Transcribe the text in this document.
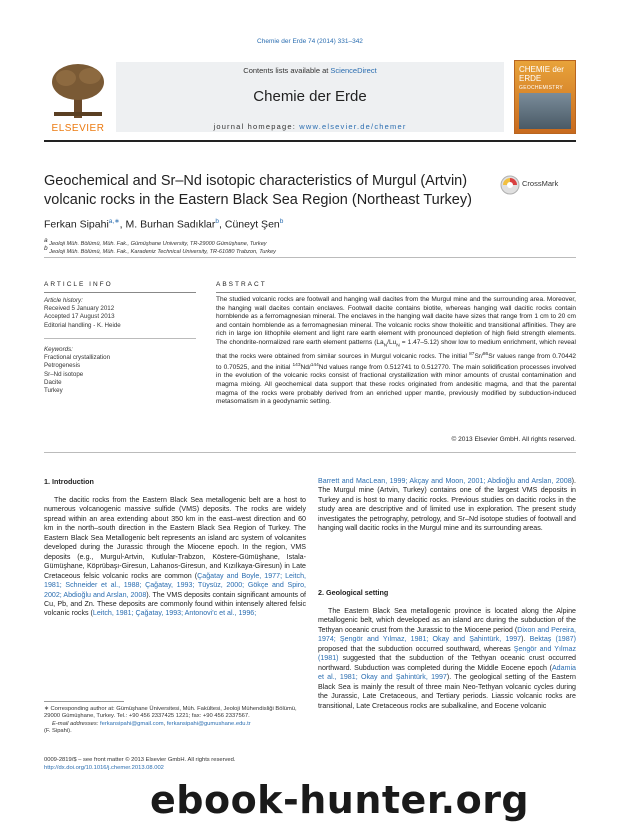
Chemie der Erde 74 (2014) 331–342
ELSEVIER
Contents lists available at ScienceDirect
Chemie der Erde
journal homepage: www.elsevier.de/chemer
CHEMIE der ERDE
GEOCHEMISTRY
Geochemical and Sr–Nd isotopic characteristics of Murgul (Artvin) volcanic rocks in the Eastern Black Sea Region (Northeast Turkey)
CrossMark
Ferkan Sipahi$^{a,∗}$, M. Burhan Sadıklar$^b$, Cüneyt Şen$^b$
a Jeoloji Müh. Bölümü, Müh. Fak., Gümüşhane University, TR-29000 Gümüşhane, Turkey
b Jeoloji Müh. Bölümü, Müh. Fak., Karadeniz Technical University, TR-61080 Trabzon, Turkey
ARTICLE INFO
Article history:
Received 5 January 2012
Accepted 17 August 2013
Editorial handling - K. Heide
Keywords:
Fractional crystallization
Petrogenesis
Sr–Nd isotope
Dacite
Turkey
ABSTRACT
The studied volcanic rocks are footwall and hanging wall dacites from the Murgul mine and the surrounding area. Moreover, the hanging wall dacites contain enclaves. Footwall dacite contains biotite, whereas hanging wall dacitic rocks contain hornblende as a ferromagnesian mineral. The enclaves in the hanging wall dacite have sizes that range from 1 cm to 20 cm and contain hornblende as a ferromagnesian mineral. The volcanic rocks show tholeiitic and transitional affinities. They are rich in large ion lithophile element and light rare earth element with pronounced depletion of high field strength elements. The chondrite-normalized rare earth element patterns $(La_N/Lu_N = 1.47-5.12)$ show low to medium enrichment, which reveal that the rocks were obtained from similar sources in Murgul volcanic rocks. The initial $^{87}$Sr/$^{86}$Sr values range from 0.70442 to 0.70525, and the initial $^{143}$Nd/$^{144}$Nd values range from 0.512741 to 0.512770. The main solidification processes involved in the evolution of the volcanic rocks consist of fractional crystallization with minor amounts of crustal contamination and magma mixing. All geochemical data support that these rocks originated from andesitic magma, and that the parental magma of the rocks were probably derived from an enriched upper mantle, previously modified by subduction-induced metasomatism in a geodynamic setting.
© 2013 Elsevier GmbH. All rights reserved.
1. Introduction

The dacitic rocks from the Eastern Black Sea metallogenic belt are a host to numerous volcanogenic massive sulfide (VMS) deposits. The rocks are widely spread within an area extending about 350 km in the east–west direction and 60 km in the north–south direction in the Eastern Black Sea Region of Turkey. The Eastern Black Sea Metallogenic belt represents an island arc system of volcanites developed during the Jurassic through the Miocene epoch. In the region, VMS deposits (e.g., Murgul-Artvin, Kutlular-Trabzon, Köstere-Gümüşhane, Istala-Gümüşhane, Köprübaşı-Giresun, Lahanos-Giresun, and Kızılkaya-Giresun) in Late Cretaceous felsic volcanic rocks are common (Çağatay and Boyle, 1977; Leitch, 1981; Schneider et al., 1988; Çağatay, 1993; Tüysüz, 2000; Gökçe and Spiro, 2002; Abdioğlu and Arslan, 2008). The VMS deposits contain significant amounts of Cu, Pb, and Zn. These deposits are commonly found within intensely altered felsic volcanic rocks (Leitch, 1981; Çağatay, 1993; Antonovi'c et al., 1996;

∗ Corresponding author at: Gümüşhane Üniversitesi, Müh. Fakültesi, Jeoloji Mühendisliği Bölümü, 29000 Gümüşhane, Turkey. Tel.: +90 456 2337425 1221; fax: +90 456 2337567.
E-mail addresses: ferkansipahi@gmail.com, ferkansipahi@gumushane.edu.tr
(F. Sipahi).
0009-2819/$ – see front matter © 2013 Elsevier GmbH. All rights reserved.
http://dx.doi.org/10.1016/j.chemer.2013.08.002
Barrett and MacLean, 1999; Akçay and Moon, 2001; Abdioğlu and Arslan, 2008). The Murgul mine (Artvin, Turkey) contains one of the largest VMS deposits in Turkey and is host to many dacitic rocks. Previous studies on dacitic rocks in the study area are descriptive and of limited use in exploration. The present study investigates the petrography, petrology, and Sr–Nd isotope studies of footwall and hanging wall dacitic rocks in the Murgul mine and its surrounding areas.
2. Geological setting

The Eastern Black Sea metallogenic province is located along the Alpine metallogenic belt, which developed as an island arc during the subduction of the Tethyan oceanic crust from the Jurassic to the Miocene period (Dixon and Pereira, 1974; Şengör and Yılmaz, 1981; Okay and Şahintürk, 1997). Bektaş (1987) proposed that the subduction occurred southward, whereas Şengör and Yılmaz (1981) suggested that the subduction of the Tethyan oceanic crust occurred northward. Subduction was completed during the Middle Eocene epoch (Adamia et al., 1981; Okay and Şahintürk, 1997). The geological setting of the Eastern Black Sea is mainly the result of three main Neo-Tethyan volcanic cycles during the Jurassic, Late Cretaceous, and Tertiary periods. Liassic volcanic rocks are transitional, Late Cretaceous rocks are subalkaline, and Eocene volcanic

ebook-hunter.org
